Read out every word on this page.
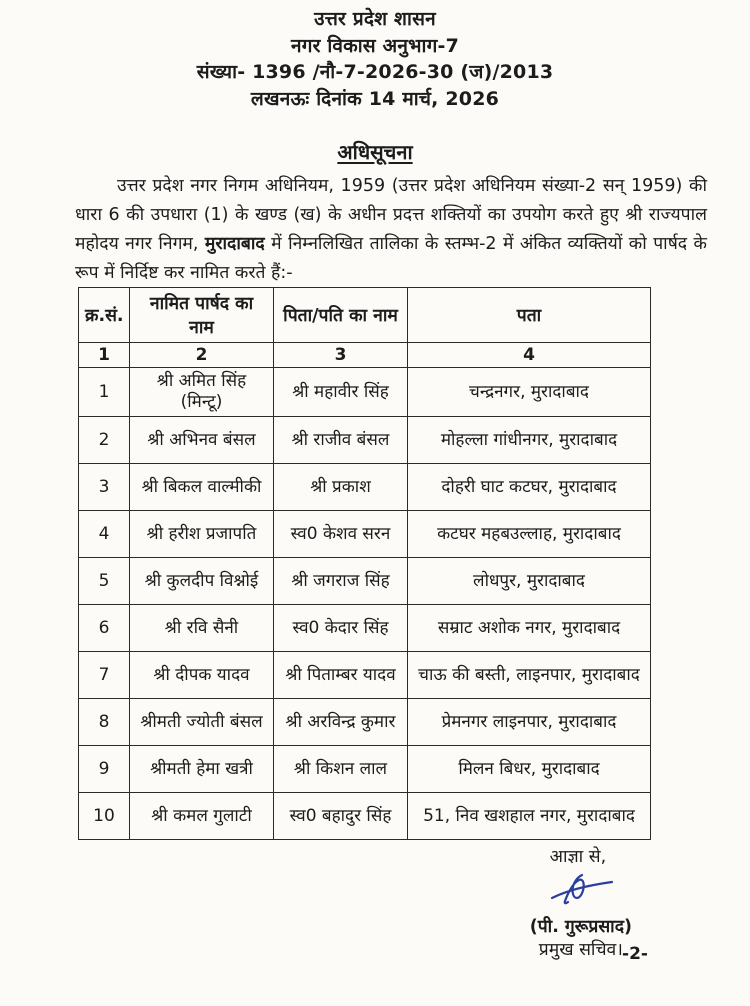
उत्तर प्रदेश शासन
नगर विकास अनुभाग-7
संख्या- 1396 /नौ-7-2026-30 (ज)/2013
लखनऊः दिनांक 14 मार्च, 2026
अधिसूचना
उत्तर प्रदेश नगर निगम अधिनियम, 1959 (उत्तर प्रदेश अधिनियम संख्या-2 सन् 1959) की धारा 6 की उपधारा (1) के खण्ड (ख) के अधीन प्रदत्त शक्तियों का उपयोग करते हुए श्री राज्यपाल महोदय नगर निगम, मुरादाबाद में निम्नलिखित तालिका के स्तम्भ-2 में अंकित व्यक्तियों को पार्षद के रूप में निर्दिष्ट कर नामित करते हैं:-
क्र.सं.	नामित पार्षद का नाम	पिता/पति का नाम	पता
1	2	3	4
1	श्री अमित सिंह (मिन्टू)	श्री महावीर सिंह	चन्द्रनगर, मुरादाबाद
2	श्री अभिनव बंसल	श्री राजीव बंसल	मोहल्ला गांधीनगर, मुरादाबाद
3	श्री बिकल वाल्मीकी	श्री प्रकाश	दोहरी घाट कटघर, मुरादाबाद
4	श्री हरीश प्रजापति	स्व0 केशव सरन	कटघर महबउल्लाह, मुरादाबाद
5	श्री कुलदीप विश्नोई	श्री जगराज सिंह	लोधपुर, मुरादाबाद
6	श्री रवि सैनी	स्व0 केदार सिंह	सम्राट अशोक नगर, मुरादाबाद
7	श्री दीपक यादव	श्री पिताम्बर यादव	चाऊ की बस्ती, लाइनपार, मुरादाबाद
8	श्रीमती ज्योती बंसल	श्री अरविन्द्र कुमार	प्रेमनगर लाइनपार, मुरादाबाद
9	श्रीमती हेमा खत्री	श्री किशन लाल	मिलन बिधर, मुरादाबाद
10	श्री कमल गुलाटी	स्व0 बहादुर सिंह	51, निव खशहाल नगर, मुरादाबाद
आज्ञा से,
(पी. गुरूप्रसाद)
प्रमुख सचिव। -2-
